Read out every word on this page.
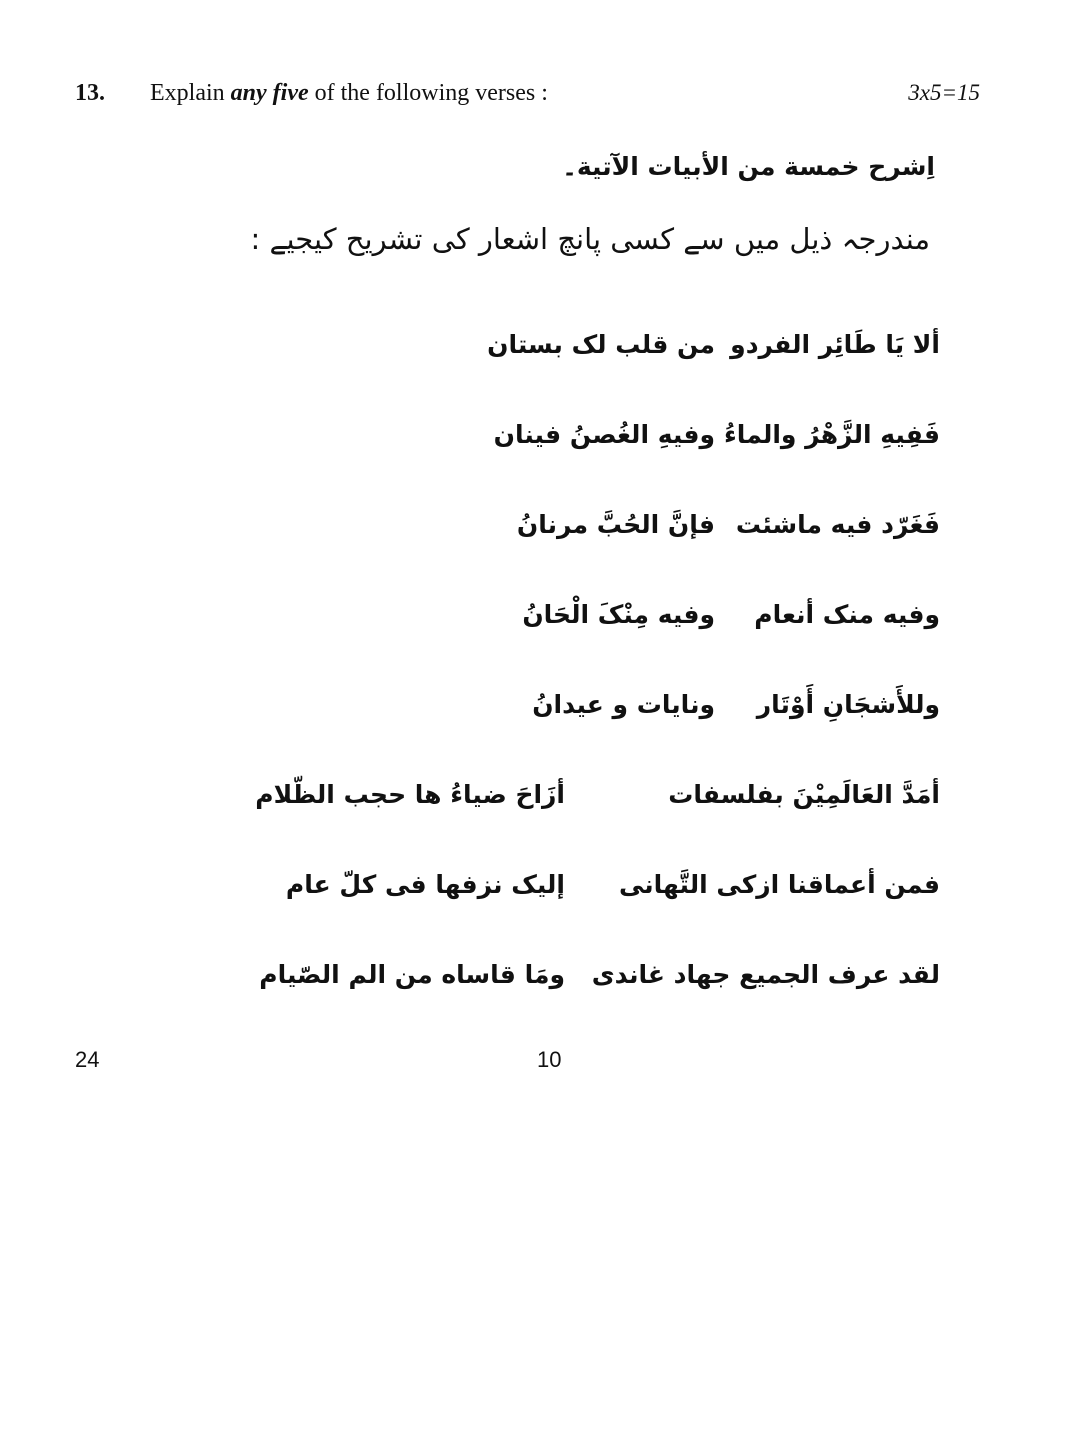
13. Explain any five of the following verses :	3x5=15
اِشرح خمسة من الأبيات الآتية۔
مندرجہ ذیل میں سے کسی پانچ اشعار کی تشریح کیجیے :
ألا یَا طَائِر الفردو
من قلب لک بستان
فَفِیهِ الزَّهْرُ والماءُ
وفیهِ الغُصنُ فینان
فَغَرّد فیه ماشئت
فإنَّ الحُبَّ مرنانُ
وفیه منک أنعام
وفیه مِنْکَ الْحَانُ
وللأَشجَانِ أَوْتَار
ونایات و عیدانُ
أمَدَّ العَالَمِیْنَ بفلسفات
أزَاحَ ضیاءُ ها حجب الظّلام
فمن أعماقنا ازکی التَّهانی
إلیک نزفها فی کلّ عام
لقد عرف الجمیع جهاد غاندی
ومَا قاساه من الم الصّیام
24	10
